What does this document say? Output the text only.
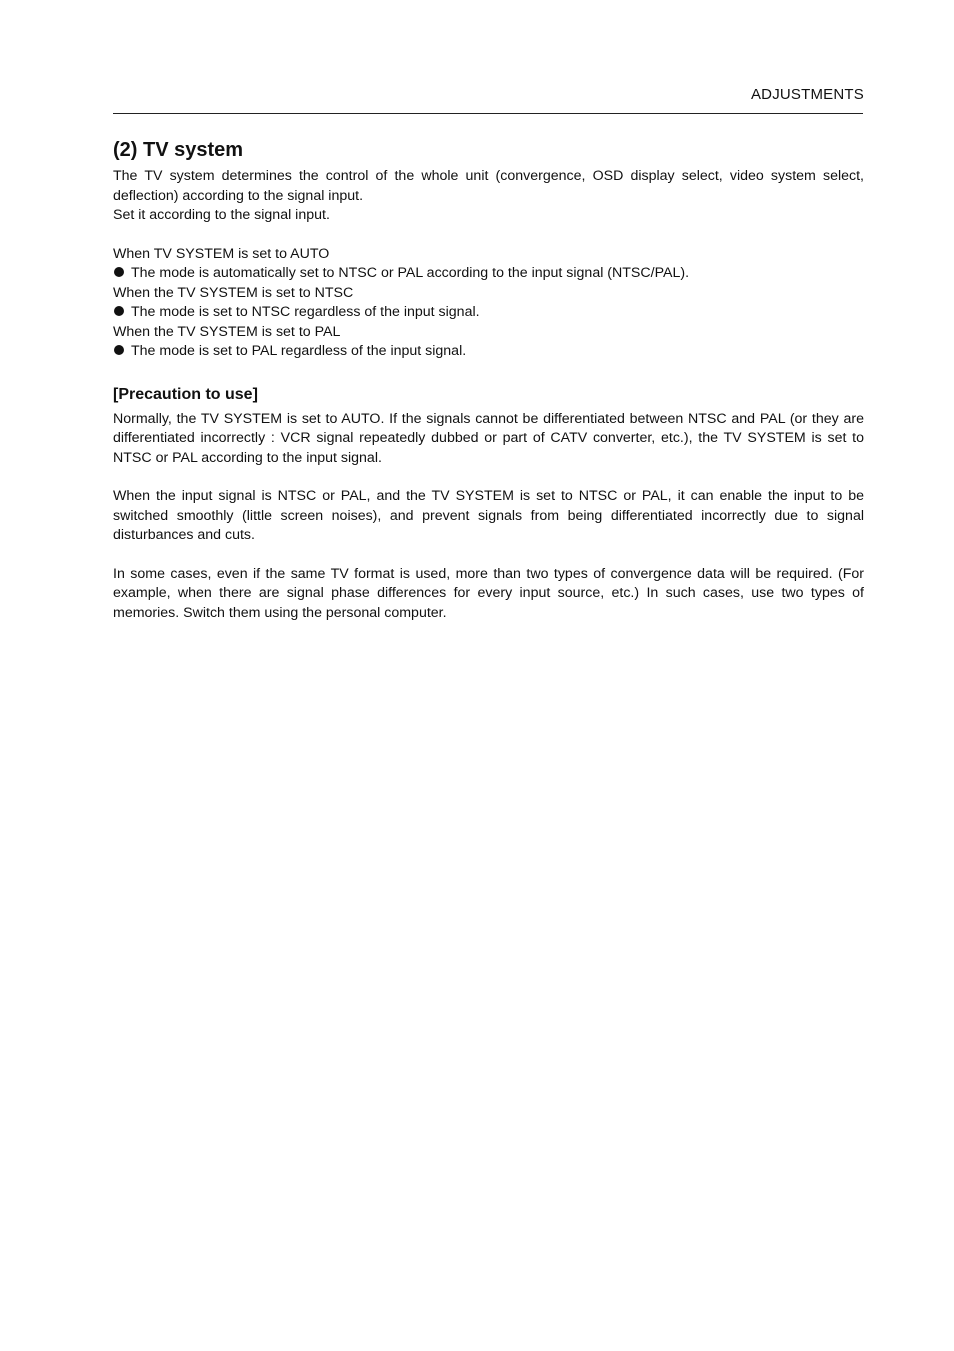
ADJUSTMENTS
(2) TV system

The TV system determines the control of the whole unit (convergence, OSD display select, video system select, deflection) according to the signal input.

Set it according to the signal input.

When TV SYSTEM is set to AUTO

The mode is automatically set to NTSC or PAL according to the input signal (NTSC/PAL).

When the TV SYSTEM is set to NTSC

The mode is set to NTSC regardless of the input signal.

When the TV SYSTEM is set to PAL

The mode is set to PAL regardless of the input signal.
[Precaution to use]

Normally, the TV SYSTEM is set to AUTO. If the signals cannot be differentiated between NTSC and PAL (or they are differentiated incorrectly : VCR signal repeatedly dubbed or part of CATV converter, etc.), the TV SYSTEM is set to NTSC or PAL according to the input signal.

When the input signal is NTSC or PAL, and the TV SYSTEM is set to NTSC or PAL, it can enable the input to be switched smoothly (little screen noises), and prevent signals from being differentiated incorrectly due to signal disturbances and cuts.

In some cases, even if the same TV format is used, more than two types of convergence data will be required. (For example, when there are signal phase differences for every input source, etc.) In such cases, use two types of memories. Switch them using the personal computer.
